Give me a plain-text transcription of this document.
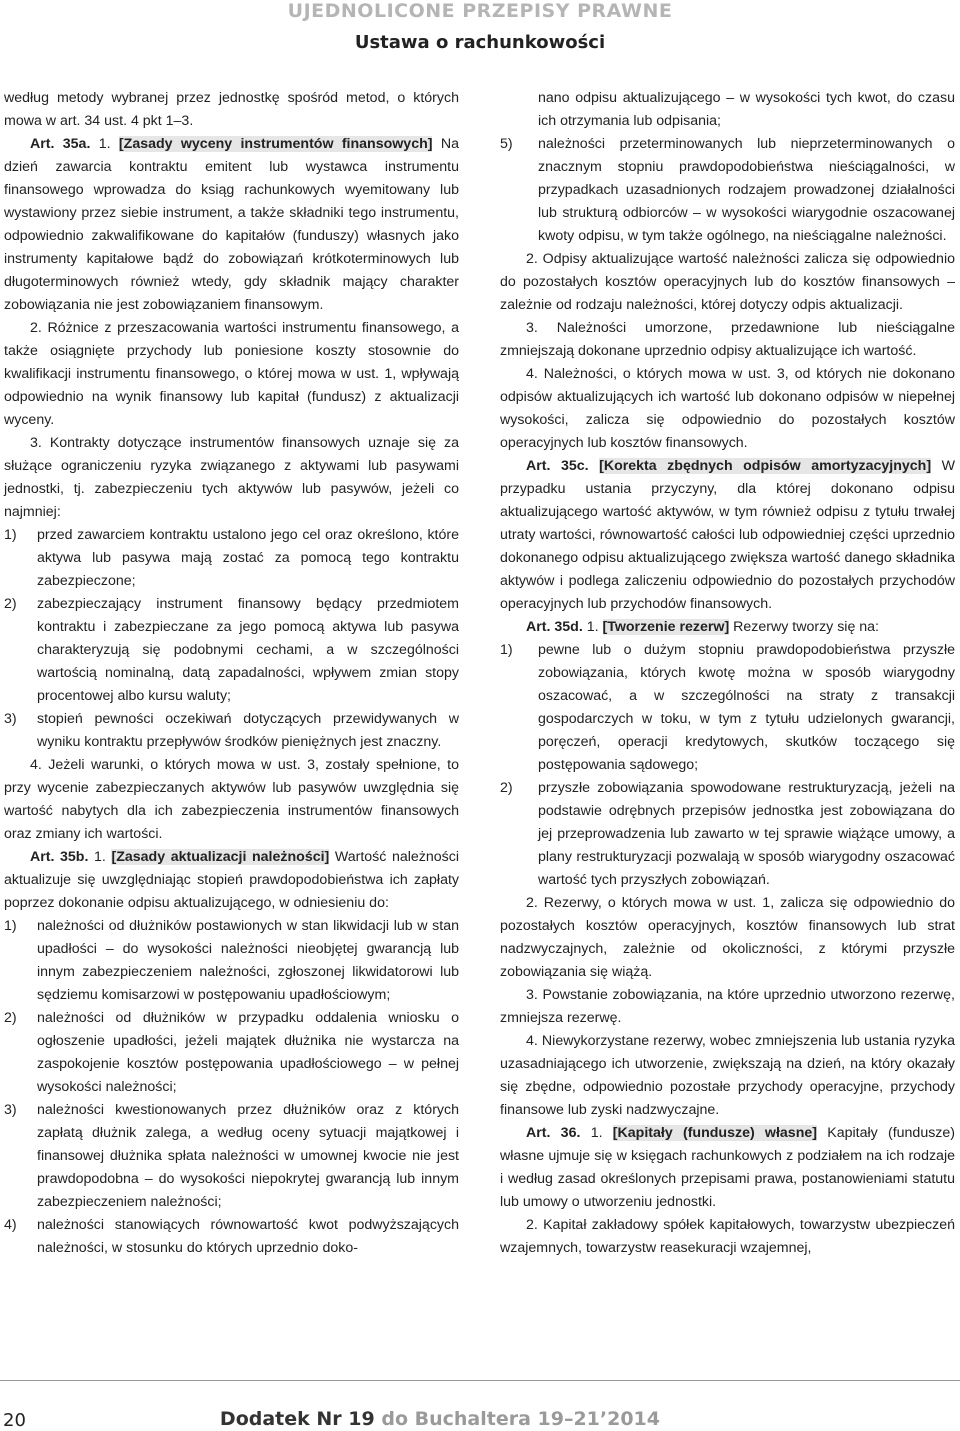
UJEDNOLICONE PRZEPISY PRAWNE
Ustawa o rachunkowości

według metody wybranej przez jednostkę spośród metod, o których mowa w art. 34 ust. 4 pkt 1–3.

Art. 35a. 1. [Zasady wyceny instrumentów finansowych] Na dzień zawarcia kontraktu emitent lub wystawca instrumentu finansowego wprowadza do ksiąg rachunkowych wyemitowany lub wystawiony przez siebie instrument, a także składniki tego instrumentu, odpowiednio zakwalifikowane do kapitałów (funduszy) własnych jako instrumenty kapitałowe bądź do zobowiązań krótkoterminowych lub długoterminowych również wtedy, gdy składnik mający charakter zobowiązania nie jest zobowiązaniem finansowym.

2. Różnice z przeszacowania wartości instrumentu finansowego, a także osiągnięte przychody lub poniesione koszty stosownie do kwalifikacji instrumentu finansowego, o której mowa w ust. 1, wpływają odpowiednio na wynik finansowy lub kapitał (fundusz) z aktualizacji wyceny.

3. Kontrakty dotyczące instrumentów finansowych uznaje się za służące ograniczeniu ryzyka związanego z aktywami lub pasywami jednostki, tj. zabezpieczeniu tych aktywów lub pasywów, jeżeli co najmniej:

1) przed zawarciem kontraktu ustalono jego cel oraz określono, które aktywa lub pasywa mają zostać za pomocą tego kontraktu zabezpieczone;
2) zabezpieczający instrument finansowy będący przedmiotem kontraktu i zabezpieczane za jego pomocą aktywa lub pasywa charakteryzują się podobnymi cechami, a w szczególności wartością nominalną, datą zapadalności, wpływem zmian stopy procentowej albo kursu waluty;
3) stopień pewności oczekiwań dotyczących przewidywanych w wyniku kontraktu przepływów środków pieniężnych jest znaczny.

4. Jeżeli warunki, o których mowa w ust. 3, zostały spełnione, to przy wycenie zabezpieczanych aktywów lub pasywów uwzględnia się wartość nabytych dla ich zabezpieczenia instrumentów finansowych oraz zmiany ich wartości.

Art. 35b. 1. [Zasady aktualizacji należności] Wartość należności aktualizuje się uwzględniając stopień prawdopodobieństwa ich zapłaty poprzez dokonanie odpisu aktualizującego, w odniesieniu do:

1) należności od dłużników postawionych w stan likwidacji lub w stan upadłości – do wysokości należności nieobjętej gwarancją lub innym zabezpieczeniem należności, zgłoszonej likwidatorowi lub sędziemu komisarzowi w postępowaniu upadłościowym;
2) należności od dłużników w przypadku oddalenia wniosku o ogłoszenie upadłości, jeżeli majątek dłużnika nie wystarcza na zaspokojenie kosztów postępowania upadłościowego – w pełnej wysokości należności;
3) należności kwestionowanych przez dłużników oraz z których zapłatą dłużnik zalega, a według oceny sytuacji majątkowej i finansowej dłużnika spłata należności w umownej kwocie nie jest prawdopodobna – do wysokości niepokrytej gwarancją lub innym zabezpieczeniem należności;
4) należności stanowiących równowartość kwot podwyższających należności, w stosunku do których uprzednio doko-
nano odpisu aktualizującego – w wysokości tych kwot, do czasu ich otrzymania lub odpisania;
5) należności przeterminowanych lub nieprzeterminowanych o znacznym stopniu prawdopodobieństwa nieściągalności, w przypadkach uzasadnionych rodzajem prowadzonej działalności lub strukturą odbiorców – w wysokości wiarygodnie oszacowanej kwoty odpisu, w tym także ogólnego, na nieściągalne należności.

2. Odpisy aktualizujące wartość należności zalicza się odpowiednio do pozostałych kosztów operacyjnych lub do kosztów finansowych – zależnie od rodzaju należności, której dotyczy odpis aktualizacji.

3. Należności umorzone, przedawnione lub nieściągalne zmniejszają dokonane uprzednio odpisy aktualizujące ich wartość.

4. Należności, o których mowa w ust. 3, od których nie dokonano odpisów aktualizujących ich wartość lub dokonano odpisów w niepełnej wysokości, zalicza się odpowiednio do pozostałych kosztów operacyjnych lub kosztów finansowych.

Art. 35c. [Korekta zbędnych odpisów amortyzacyjnych] W przypadku ustania przyczyny, dla której dokonano odpisu aktualizującego wartość aktywów, w tym również odpisu z tytułu trwałej utraty wartości, równowartość całości lub odpowiedniej części uprzednio dokonanego odpisu aktualizującego zwiększa wartość danego składnika aktywów i podlega zaliczeniu odpowiednio do pozostałych przychodów operacyjnych lub przychodów finansowych.

Art. 35d. 1. [Tworzenie rezerw] Rezerwy tworzy się na:

1) pewne lub o dużym stopniu prawdopodobieństwa przyszłe zobowiązania, których kwotę można w sposób wiarygodny oszacować, a w szczególności na straty z transakcji gospodarczych w toku, w tym z tytułu udzielonych gwarancji, poręczeń, operacji kredytowych, skutków toczącego się postępowania sądowego;
2) przyszłe zobowiązania spowodowane restrukturyzacją, jeżeli na podstawie odrębnych przepisów jednostka jest zobowiązana do jej przeprowadzenia lub zawarto w tej sprawie wiążące umowy, a plany restrukturyzacji pozwalają w sposób wiarygodny oszacować wartość tych przyszłych zobowiązań.

2. Rezerwy, o których mowa w ust. 1, zalicza się odpowiednio do pozostałych kosztów operacyjnych, kosztów finansowych lub strat nadzwyczajnych, zależnie od okoliczności, z którymi przyszłe zobowiązania się wiążą.

3. Powstanie zobowiązania, na które uprzednio utworzono rezerwę, zmniejsza rezerwę.

4. Niewykorzystane rezerwy, wobec zmniejszenia lub ustania ryzyka uzasadniającego ich utworzenie, zwiększają na dzień, na który okazały się zbędne, odpowiednio pozostałe przychody operacyjne, przychody finansowe lub zyski nadzwyczajne.

Art. 36. 1. [Kapitały (fundusze) własne] Kapitały (fundusze) własne ujmuje się w księgach rachunkowych z podziałem na ich rodzaje i według zasad określonych przepisami prawa, postanowieniami statutu lub umowy o utworzeniu jednostki.

2. Kapitał zakładowy spółek kapitałowych, towarzystw ubezpieczeń wzajemnych, towarzystw reasekuracji wzajemnej,

20	Dodatek Nr 19 do Buchaltera 19–21’2014
